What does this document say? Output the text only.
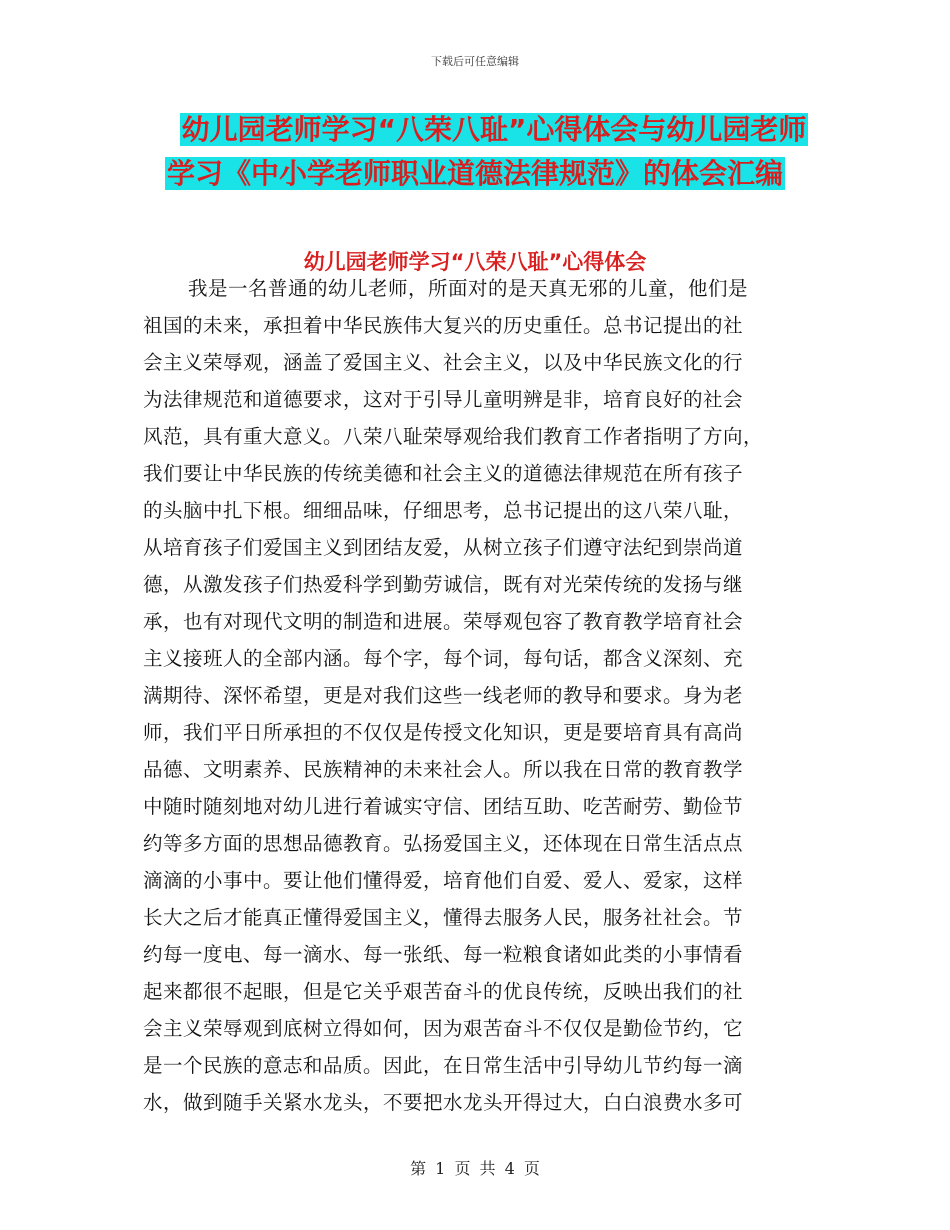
下载后可任意编辑
幼儿园老师学习“八荣八耻”心得体会与幼儿园老师
学习《中小学老师职业道德法律规范》的体会汇编
幼儿园老师学习“八荣八耻”心得体会
我是一名普通的幼儿老师，所面对的是天真无邪的儿童，他们是
祖国的未来，承担着中华民族伟大复兴的历史重任。总书记提出的社
会主义荣辱观，涵盖了爱国主义、社会主义，以及中华民族文化的行
为法律规范和道德要求，这对于引导儿童明辨是非，培育良好的社会
风范，具有重大意义。八荣八耻荣辱观给我们教育工作者指明了方向，
我们要让中华民族的传统美德和社会主义的道德法律规范在所有孩子
的头脑中扎下根。细细品味，仔细思考，总书记提出的这八荣八耻，
从培育孩子们爱国主义到团结友爱，从树立孩子们遵守法纪到崇尚道
德，从激发孩子们热爱科学到勤劳诚信，既有对光荣传统的发扬与继
承，也有对现代文明的制造和进展。荣辱观包容了教育教学培育社会
主义接班人的全部内涵。每个字，每个词，每句话，都含义深刻、充
满期待、深怀希望，更是对我们这些一线老师的教导和要求。身为老
师，我们平日所承担的不仅仅是传授文化知识，更是要培育具有高尚
品德、文明素养、民族精神的未来社会人。所以我在日常的教育教学
中随时随刻地对幼儿进行着诚实守信、团结互助、吃苦耐劳、勤俭节
约等多方面的思想品德教育。弘扬爱国主义，还体现在日常生活点点
滴滴的小事中。要让他们懂得爱，培育他们自爱、爱人、爱家，这样
长大之后才能真正懂得爱国主义，懂得去服务人民，服务社社会。节
约每一度电、每一滴水、每一张纸、每一粒粮食诸如此类的小事情看
起来都很不起眼，但是它关乎艰苦奋斗的优良传统，反映出我们的社
会主义荣辱观到底树立得如何，因为艰苦奋斗不仅仅是勤俭节约，它
是一个民族的意志和品质。因此，在日常生活中引导幼儿节约每一滴
水，做到随手关紧水龙头，不要把水龙头开得过大，白白浪费水多可
第 1 页 共 4 页
